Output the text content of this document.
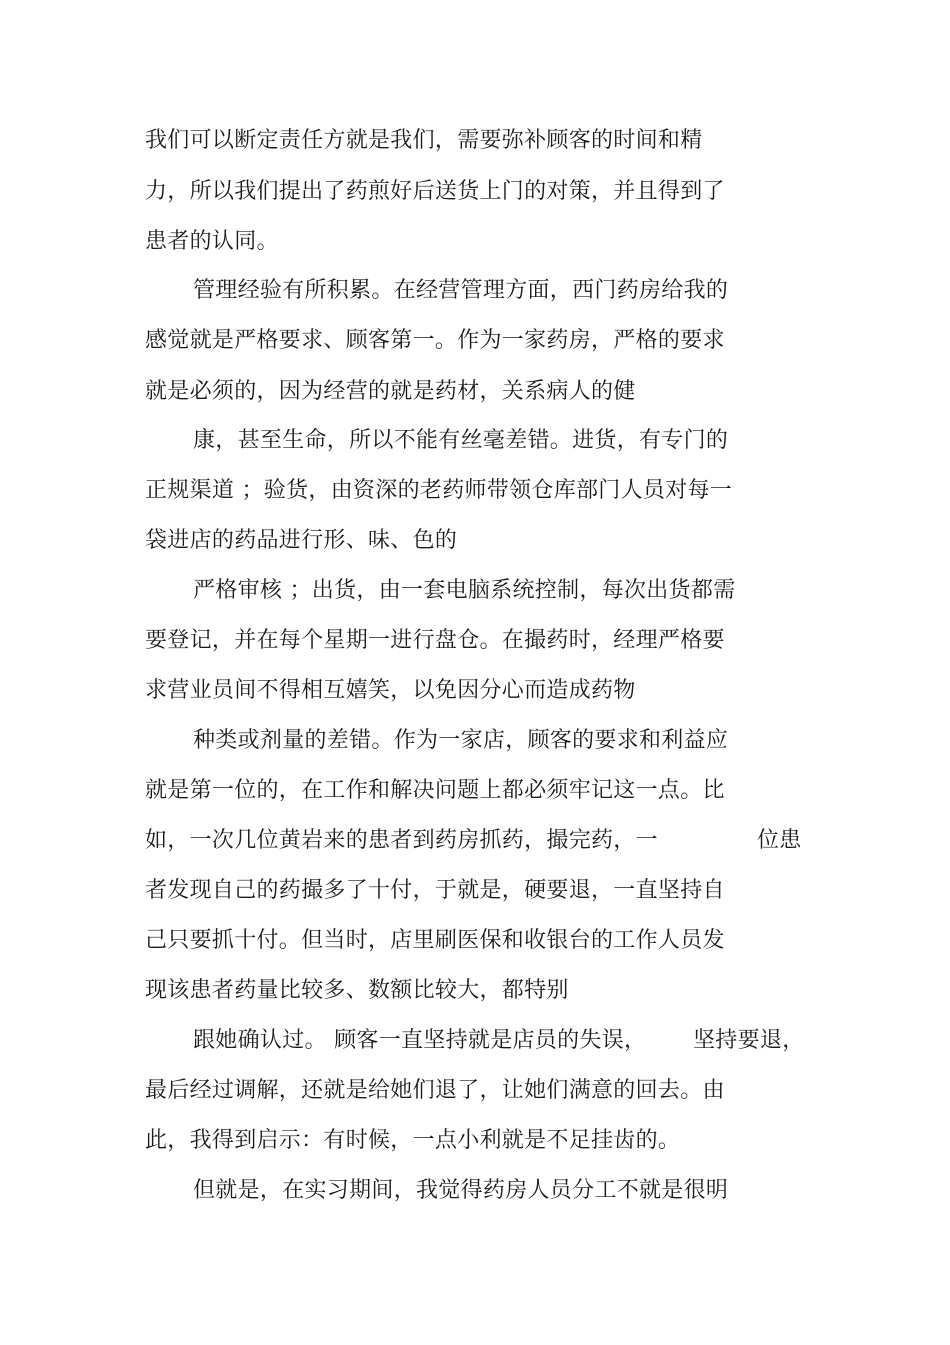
我们可以断定责任方就是我们，需要弥补顾客的时间和精
力，所以我们提出了药煎好后送货上门的对策，并且得到了
患者的认同。
管理经验有所积累。在经营管理方面，西门药房给我的
感觉就是严格要求、顾客第一。作为一家药房，严格的要求
就是必须的，因为经营的就是药材，关系病人的健
康，甚至生命，所以不能有丝毫差错。进货，有专门的
正规渠道 ；验货，由资深的老药师带领仓库部门人员对每一
袋进店的药品进行形、味、色的
严格审核 ；出货，由一套电脑系统控制，每次出货都需
要登记，并在每个星期一进行盘仓。在撮药时，经理严格要
求营业员间不得相互嬉笑，以免因分心而造成药物
种类或剂量的差错。作为一家店，顾客的要求和利益应
就是第一位的，在工作和解决问题上都必须牢记这一点。比
如，一次几位黄岩来的患者到药房抓药，撮完药，一	位患
者发现自己的药撮多了十付，于就是，硬要退，一直坚持自
己只要抓十付。但当时，店里刷医保和收银台的工作人员发
现该患者药量比较多、数额比较大，都特别
跟她确认过。 顾客一直坚持就是店员的失误， 坚持要退，
最后经过调解，还就是给她们退了，让她们满意的回去。由
此，我得到启示：有时候，一点小利就是不足挂齿的。
但就是，在实习期间，我觉得药房人员分工不就是很明
